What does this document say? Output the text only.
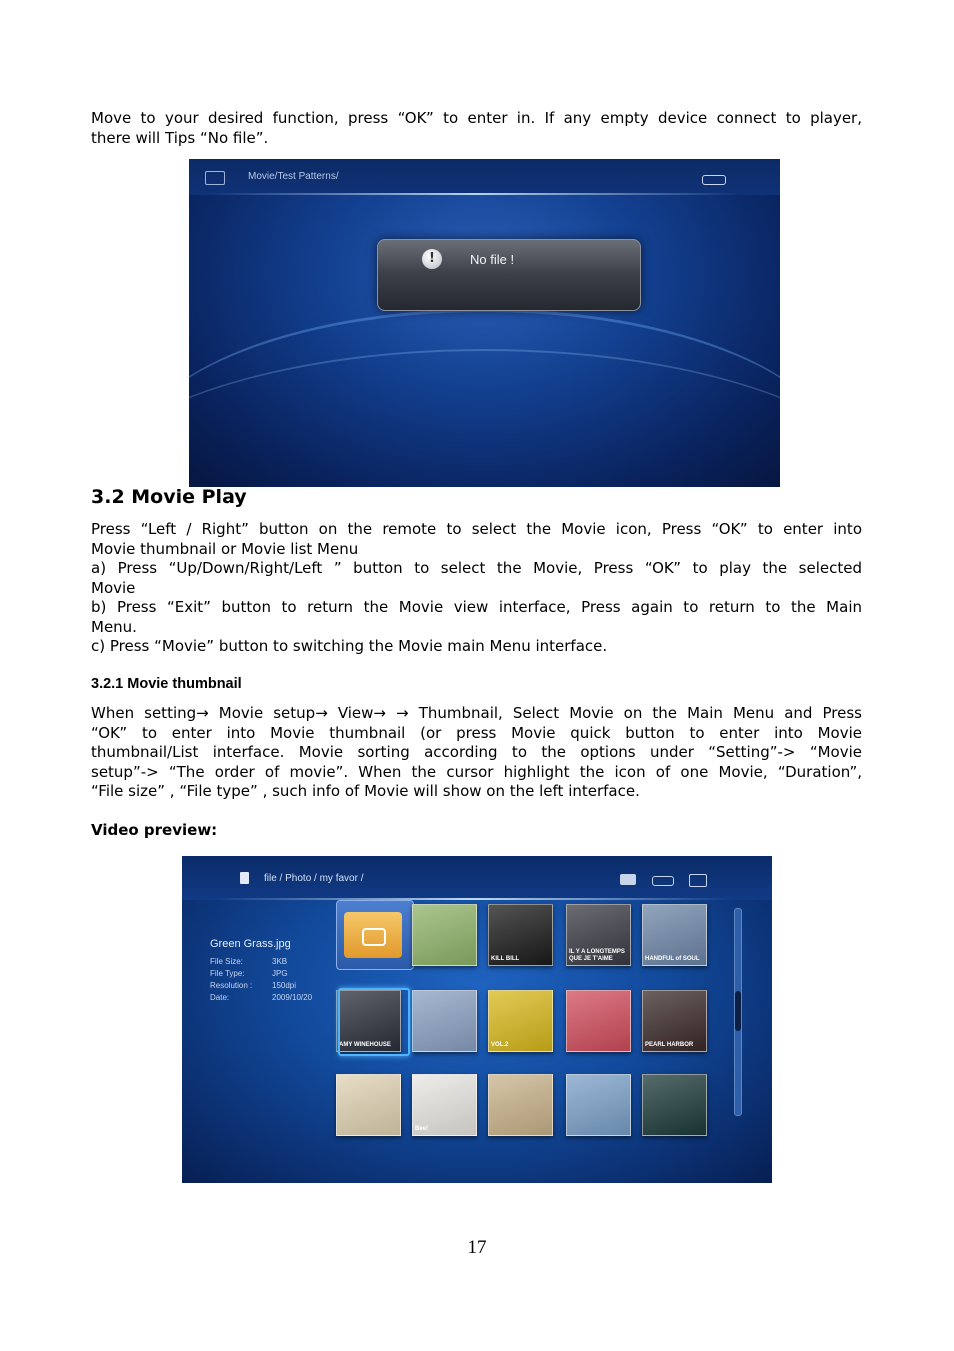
Move to your desired function, press “OK” to enter in. If any empty device connect to player,
there will Tips “No file”.
Movie/Test Patterns/
!	No file !
3.2 Movie Play
Press “Left / Right” button on the remote to select the Movie icon, Press “OK” to enter into
Movie thumbnail or Movie list Menu
a) Press “Up/Down/Right/Left ” button to select the Movie, Press “OK” to play the selected
Movie
b) Press “Exit” button to return the Movie view interface, Press again to return to the Main
Menu.
c) Press “Movie” button to switching the Movie main Menu interface.
3.2.1 Movie thumbnail
When setting→ Movie setup→ View→ → Thumbnail, Select Movie on the Main Menu and Press
“OK” to enter into Movie thumbnail (or press Movie quick button to enter into Movie
thumbnail/List interface. Movie sorting according to the options under “Setting”-> “Movie
setup”-> “The order of movie”. When the cursor highlight the icon of one Movie, “Duration”,
“File size” , “File type” , such info of Movie will show on the left interface.
Video preview:
file / Photo / my favor /
Green Grass.jpg
File Size:	3KB
File Type:	JPG
Resolution : 150dpi
Date:	2009/10/20
KILL BILL
IL Y A LONGTEMPS QUE JE T'AIME	HANDFUL of SOUL
AMY WINEHOUSE	VOL.2	PEARL HARBOR
Bee!
17
